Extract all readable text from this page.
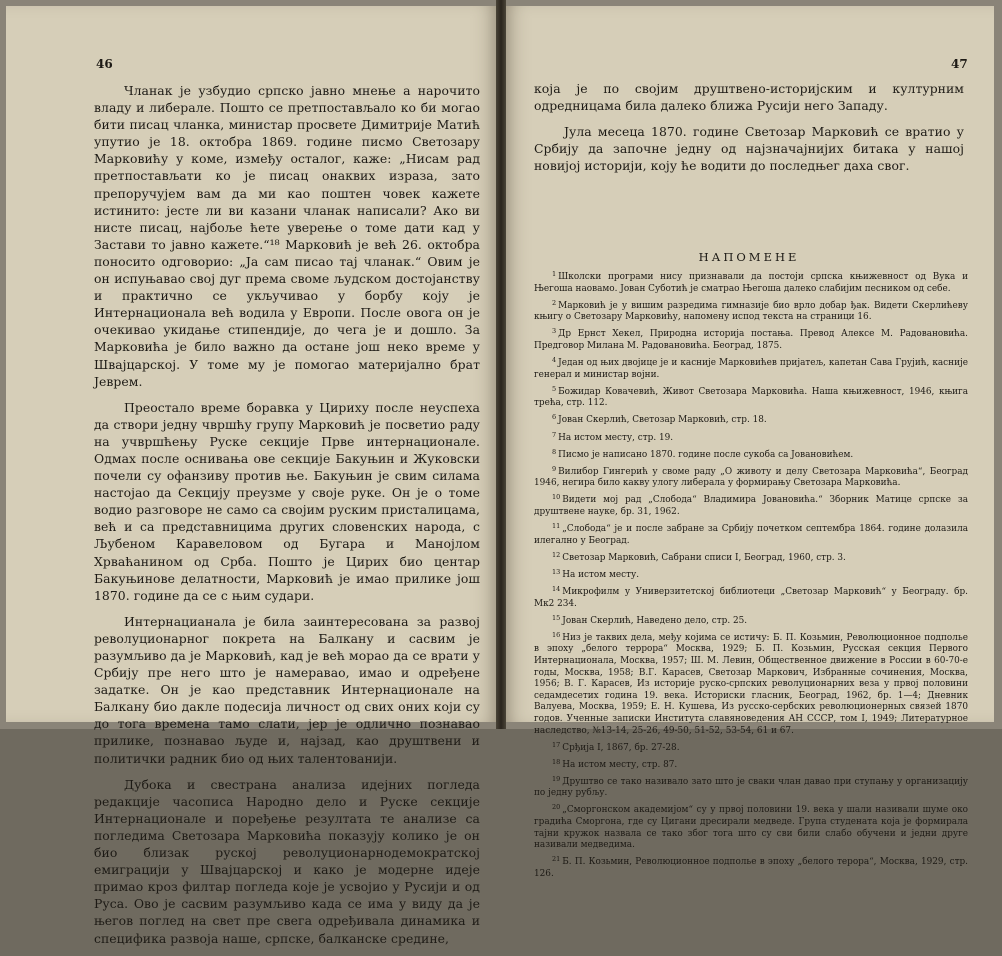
46

Чланак је узбудио српско јавно мнење а нарочито владу и либерале. Пошто се претпостављало ко би могао бити писац чланка, министар просвете Димитрије Матић упутио је 18. октобра 1869. године писмо Светозару Марковићу у коме, између осталог, каже: „Нисам рад претпостављати ко је писац онаквих израза, зато препоручујем вам да ми као поштен човек кажете истинито: јесте ли ви казани чланак написали? Ако ви нисте писац, најбоље ћете уверење о томе дати кад у Застави то јавно кажете.“¹⁸ Марковић је већ 26. октобра поносито одговорио: „Ја сам писао тај чланак.“ Овим је он испуњавао свој дуг према своме људском достојанству и практично се укључивао у борбу коју је Интернационала већ водила у Европи. После овога он је очекивао укидање стипендије, до чега је и дошло. За Марковића је било важно да остане још неко време у Швајцарској. У томе му је помогао материјално брат Јеврем.

Преостало време боравка у Цириху после неуспеха да створи једну чвршћу групу Марковић је посветио раду на учвршћењу Руске секције Прве интернационале. Одмах после оснивања ове секције Бакуњин и Жуковски почели су офанзиву против ње. Бакуњин је свим силама настојао да Секцију преузме у своје руке. Он је о томе водио разговоре не само са својим руским присталицама, већ и са представницима других словенских народа, с Љубеном Каравеловом од Бугара и Манојлом Хрваћанином од Срба. Пошто је Цирих био центар Бакуњинове делатности, Марковић је имао прилике још 1870. године да се с њим судари.

Интернацианала је била заинтересована за развој револуционарног покрета на Балкану и сасвим је разумљиво да је Марковић, кад је већ морао да се врати у Србију пре него што је намеравао, имао и одређене задатке. Он је као представник Интернационале на Балкану био дакле подесија личност од свих оних који су до тога времена тамо слати, јер је одлично познавао прилике, познавао људе и, најзад, као друштвени и политички радник био од њих талентованији.

Дубока и свестрана анализа идејних погледа редакције часописа Народно дело и Руске секције Интернационале и поређење резултата те анализе са погледима Светозара Марковића показују колико је он био близак руској револуционарнодемократској емиграцији у Швајцарској и како је модерне идеје примао кроз филтар погледа које је усвојио у Русији и од Руса. Ово је сасвим разумљиво када се има у виду да је његов поглед на свет пре свега одређивала динамика и специфика развоја наше, српске, балканске средине,

47

која је по својим друштвено-историјским и културним одредницама била далеко ближа Русији него Западу.

Јула месеца 1870. године Светозар Марковић се вратио у Србију да започне једну од најзначајнијих битака у нашој новијој историји, коју ће водити до последњег даха свог.

НАПОМЕНЕ

$^1$ Школски програми нису признавали да постоји српска књижевност од Вука и Његоша наовамо. Јован Суботић је сматрао Његоша далеко слабијим песником од себе.

$^2$ Марковић је у вишим разредима гимназије био врло добар ђак. Видети Скерлићеву књигу о Светозару Марковићу, напомену испод текста на страници 16.

$^3$ Др Ернст Хекел, Природна историја постања. Превод Алексе М. Радовановића. Предговор Милана М. Радовановића. Београд, 1875.

$^4$ Један од њих двојице је и касније Марковићев пријатељ, капетан Сава Грујић, касније генерал и министар војни.

$^5$ Божидар Ковачевић, Живот Светозара Марковића. Наша књижевност, 1946, књига трећа, стр. 112.

$^6$ Јован Скерлић, Светозар Марковић, стр. 18.

$^7$ На истом месту, стр. 19.

$^8$ Писмо је написано 1870. године после сукоба са Јовановићем.

$^9$ Вилибор Гингерић у своме раду „О животу и делу Светозара Марковића“, Београд 1946, негира било какву улогу либерала у формирању Светозара Марковића.

$^{10}$ Видети мој рад „Слобода“ Владимира Јовановића.“ Зборник Матице српске за друштвене науке, бр. 31, 1962.

$^{11}$ „Слобода“ је и после забране за Србију почетком септембра 1864. године долазила илегално у Београд.

$^{12}$ Светозар Марковић, Сабрани списи I, Београд, 1960, стр. 3.

$^{13}$ На истом месту.

$^{14}$ Микрофилм у Универзитетској библиотеци „Светозар Марковић“ у Београду. бр. Мк2 234.

$^{15}$ Јован Скерлић, Наведено дело, стр. 25.

$^{16}$ Низ је таквих дела, међу којима се истичу: Б. П. Козьмин, Революционное подполье в эпоху „белого террора“ Москва, 1929; Б. П. Козьмин, Русская секция Первого Интернационала, Москва, 1957; Ш. М. Левин, Общественное движение в России в 60-70-е годы, Москва, 1958; В.Г. Карасев, Светозар Маркович, Избранные сочинения, Москва, 1956; В. Г. Карасев, Из историје руско-српских револуционарних веза у првој половини седамдесетих година 19. века. Историски гласник, Београд, 1962, бр. 1—4; Дневник Валуева, Москва, 1959; Е. Н. Кушева, Из русско-сербских революционерных связей 1870 годов. Ученные записки Института славяноведения АН СССР, том I, 1949; Литературное наследство, №13-14, 25-26, 49-50, 51-52, 53-54, 61 и 67.

$^{17}$ Срђија I, 1867, бр. 27-28.

$^{18}$ На истом месту, стр. 87.

$^{19}$ Друштво се тако називало зато што је сваки члан давао при ступању у организацију по једну рубљу.

$^{20}$ „Сморгонском академијом“ су у првој половини 19. века у шали називали шуме око градића Сморгона, где су Цигани дресирали медведе. Група студената која је формирала тајни кружок назвала се тако због тога што су сви били слабо обучени и једни друге називали медведима.

$^{21}$ Б. П. Козьмин, Революционное подполье в эпоху „белого терора“, Москва, 1929, стр. 126.
